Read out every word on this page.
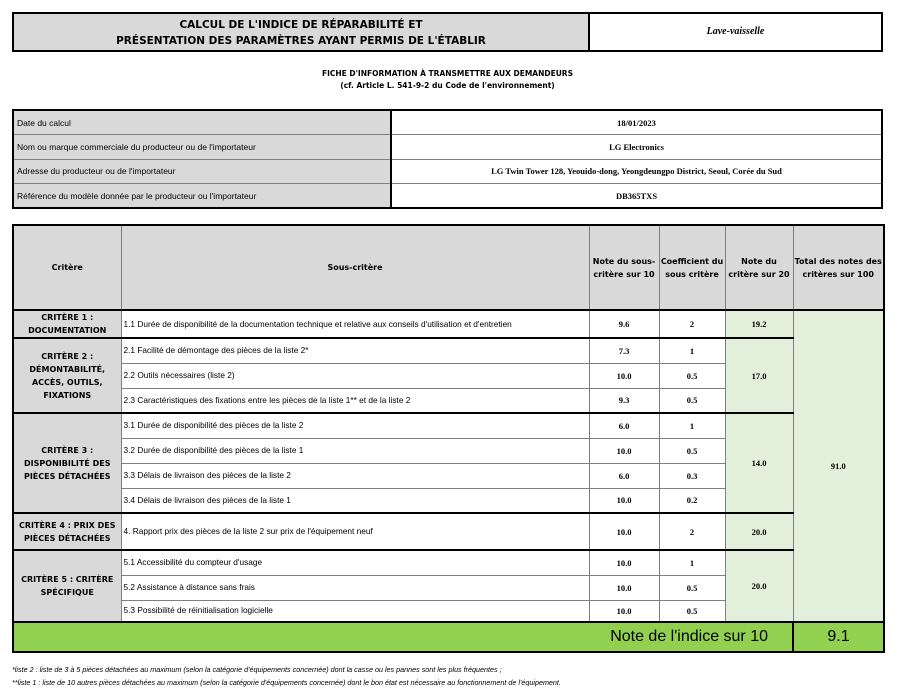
CALCUL DE L'INDICE DE RÉPARABILITÉ ET
PRÉSENTATION DES PARAMÈTRES AYANT PERMIS DE L'ÉTABLIR
Lave-vaisselle
FICHE D'INFORMATION À TRANSMETTRE AUX DEMANDEURS
(cf. Article L. 541-9-2 du Code de l'environnement)
Date du calcul	18/01/2023
Nom ou marque commerciale du producteur ou de l'importateur	LG Electronics
Adresse du producteur ou de l'importateur	LG Twin Tower 128, Yeouido-dong, Yeongdeungpo District, Seoul, Corée du Sud
Référence du modèle donnée par le producteur ou l'importateur	DB365TXS
Critère	Sous-critère	Note du sous-critère sur 10	Coefficient du sous critère	Note du critère sur 20	Total des notes des critères sur 100
CRITÈRE 1 : DOCUMENTATION	1.1 Durée de disponibilité de la documentation technique et relative aux conseils d'utilisation et d'entretien	9.6	2	19.2	91.0
CRITÈRE 2 : DÉMONTABILITÉ, ACCÈS, OUTILS, FIXATIONS	2.1 Facilité de démontage des pièces de la liste 2*	7.3	1	17.0	
	2.2 Outils nécessaires (liste 2)	10.0	0.5		
	2.3 Caractéristiques des fixations entre les pièces de la liste 1** et de la liste 2	9.3	0.5		
CRITÈRE 3 : DISPONIBILITÉ DES PIÈCES DÉTACHÉES	3.1 Durée de disponibilité des pièces de la liste 2	6.0	1	14.0	
	3.2 Durée de disponibilité des pièces de la liste 1	10.0	0.5		
	3.3 Délais de livraison des pièces de la liste 2	6.0	0.3		
	3.4 Délais de livraison des pièces de la liste 1	10.0	0.2		
CRITÈRE 4 : PRIX DES PIÈCES DÉTACHÉES	4. Rapport prix des pièces de la liste 2 sur prix de l'équipement neuf	10.0	2	20.0	
CRITÈRE 5 : CRITÈRE SPÉCIFIQUE	5.1 Accessibilité du compteur d'usage	10.0	1	20.0	
	5.2 Assistance à distance sans frais	10.0	0.5		
	5.3 Possibilité de réinitialisation logicielle	10.0	0.5		
Note de l'indice sur 10					9.1
*liste 2 : liste de 3 à 5 pièces détachées au maximum (selon la catégorie d'équipements concernée) dont la casse ou les pannes sont les plus fréquentes ;
**liste 1 : liste de 10 autres pièces détachées au maximum (selon la catégorie d'équipements concernée) dont le bon état est nécessaire au fonctionnement de l'équipement.
